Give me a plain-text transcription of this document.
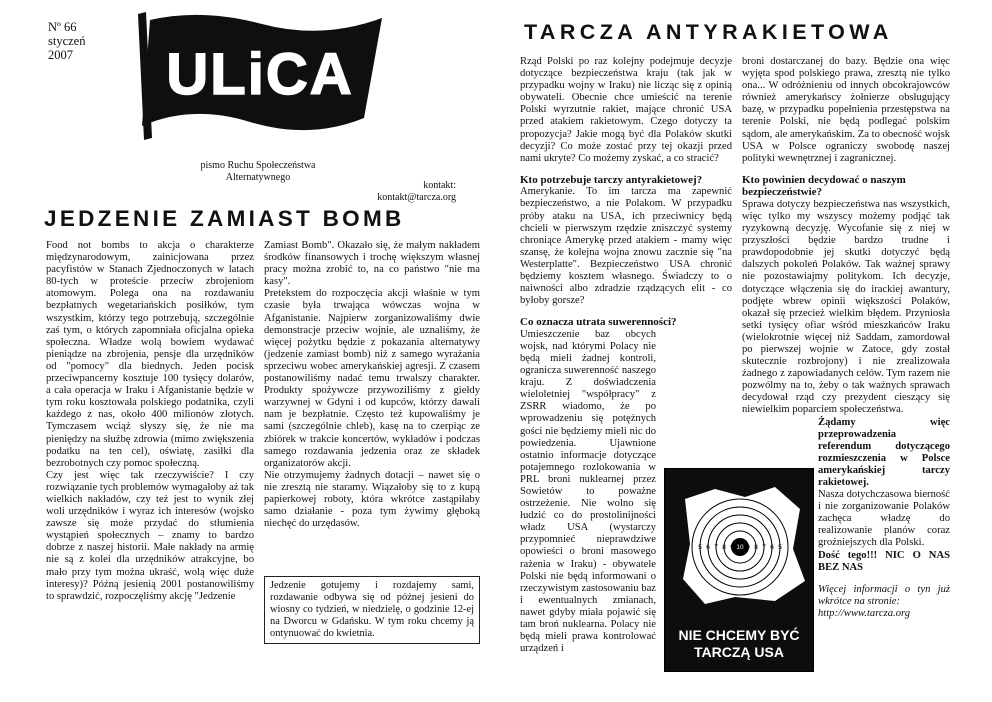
Nº 66
styczeń
2007 ULiCA
pismo Ruchu Społeczeństwa
Alternatywnego
kontakt:
kontakt@tarcza.org
JEDZENIE ZAMIAST BOMB

Food not bombs to akcja o charakterze międzynarodowym, zainicjowana przez pacyfistów w Stanach Zjednoczonych w latach 80-tych w proteście przeciw zbrojeniom atomowym. Polega ona na rozdawaniu bezpłatnych wegetariańskich posiłków, tym wszystkim, którzy tego potrzebują, szczególnie zaś tym, o których zapomniała oficjalna opieka społeczna. Władze wolą bowiem wydawać pieniądze na zbrojenia, pensje dla urzędników od "pomocy" dla biednych. Jeden pocisk przeciwpancerny kosztuje 100 tysięcy dolarów, a cała operacja w Iraku i Afganistanie będzie w tym roku kosztowała polskiego podatnika, czyli każdego z nas, około 400 milionów złotych. Tymczasem wciąż słyszy się, że nie ma pieniędzy na służbę zdrowia (mimo zwiększenia podatku na ten cel), oświatę, zasiłki dla bezrobotnych czy pomoc społeczną.

Czy jest więc tak rzeczywiście? I czy rozwiązanie tych problemów wymagałoby aż tak wielkich nakładów, czy też jest to wynik złej woli urzędników i wyraz ich interesów (wojsko zawsze się może przydać do stłumienia wystąpień społecznych – znamy to bardzo dobrze z naszej historii. Małe nakłady na armię nie są z kolei dla urzędników atrakcyjne, bo mało przy tym można ukraść, wolą więc duże interesy)? Późną jesienią 2001 postanowiliśmy to sprawdzić, rozpoczęliśmy akcję "Jedzenie

Zamiast Bomb". Okazało się, że małym nakładem środków finansowych i trochę większym własnej pracy można zrobić to, na co państwo "nie ma kasy".

Pretekstem do rozpoczęcia akcji właśnie w tym czasie była trwająca wówczas wojna w Afganistanie. Najpierw zorganizowaliśmy dwie demonstracje przeciw wojnie, ale uznaliśmy, że więcej pożytku będzie z pokazania alternatywy (jedzenie zamiast bomb) niż z samego wyrażania sprzeciwu wobec amerykańskiej agresji. Z czasem postanowiliśmy nadać temu trwalszy charakter. Produkty spożywcze przywoziliśmy z giełdy warzywnej w Gdyni i od kupców, którzy dawali nam je bezpłatnie. Często też kupowaliśmy je sami (szczególnie chleb), kasę na to czerpiąc ze zbiórek w trakcie koncertów, wykładów i podczas samego rozdawania jedzenia oraz ze składek organizatorów akcji.

Nie otrzymujemy żadnych dotacji – nawet się o nie zresztą nie staramy. Wiązałoby się to z kupą papierkowej roboty, która wkrótce zastąpiłaby samo działanie - poza tym żywimy głęboką niechęć do urzędasów.

Jedzenie gotujemy i rozdajemy sami, rozdawanie odbywa się od późnej jesieni do wiosny co tydzień, w niedzielę, o godzinie 12-ej na Dworcu w Gdańsku. W tym roku chcemy ją ontynuować do kwietnia.
TARCZA ANTYRAKIETOWA

Rząd Polski po raz kolejny podejmuje decyzje dotyczące bezpieczeństwa kraju (tak jak w przypadku wojny w Iraku) nie licząc się z opinią obywateli. Obecnie chce umieścić na terenie Polski wyrzutnie rakiet, mające chronić USA przed atakiem rakietowym. Czego dotyczy ta propozycja? Jakie mogą być dla Polaków skutki decyzji? Co może zostać przy tej okazji przed nami ukryte? Co możemy zyskać, a co stracić?

Kto potrzebuje tarczy antyrakietowej?

Amerykanie. To im tarcza ma zapewnić bezpieczeństwo, a nie Polakom. W przypadku próby ataku na USA, ich przeciwnicy będą chcieli w pierwszym rzędzie zniszczyć systemy chroniące Amerykę przed atakiem - mamy więc szansę, że kolejna wojna znowu zacznie się "na Westerplatte". Bezpieczeństwo USA chronić będziemy kosztem własnego. Świadczy to o naiwności albo zdradzie rządzących elit - co byłoby gorsze?

Co oznacza utrata suwerenności?

Umieszczenie baz obcych wojsk, nad którymi Polacy nie będą mieli żadnej kontroli, ogranicza suwerenność naszego kraju. Z doświadczenia wieloletniej "współpracy" z ZSRR wiadomo, że po wprowadzeniu się potężnych gości nie będziemy mieli nic do powiedzenia. Ujawnione ostatnio informacje dotyczące potajemnego rozlokowania w PRL broni nuklearnej przez Sowietów to poważne ostrzeżenie. Nie wolno się łudzić co do prostolinijności władz USA (wystarczy przypomnieć nieprawdziwe opowieści o broni masowego rażenia w Iraku) - obywatele Polski nie będą informowani o rzeczywistym zastosowaniu baz i ewentualnych zmianach, nawet gdyby miała pojawić się tam broń nuklearna. Polacy nie będą mieli prawa kontrolować urządzeń i

broni dostarczanej do bazy. Będzie ona więc wyjęta spod polskiego prawa, zresztą nie tylko ona... W odróżnieniu od innych obcokrajowców również amerykańscy żołnierze obsługujący bazę, w przypadku popełnienia przestępstwa na terenie Polski, nie będą podlegać polskim sądom, ale amerykańskim. Za to obecność wojsk USA w Polsce ograniczy swobodę naszej polityki wewnętrznej i zagranicznej.

Kto powinien decydować o naszym bezpieczeństwie?

Sprawa dotyczy bezpieczeństwa nas wszystkich, więc tylko my wszyscy możemy podjąć tak ryzykowną decyzję. Wycofanie się z niej w przyszłości będzie bardzo trudne i prawdopodobnie jej skutki dotyczyć będą dalszych pokoleń Polaków. Tak ważnej sprawy nie pozostawiajmy politykom. Ich decyzje, dotyczące włączenia się do irackiej awantury, podjęte wbrew opinii większości Polaków, okazał się przecież wielkim błędem. Przyniosła setki tysięcy ofiar wśród mieszkańców Iraku (wielokrotnie więcej niż Saddam, zamordował po pierwszej wojnie w Zatoce, gdy został skutecznie rozbrojony) i nie zrealizowała żadnego z zapowiadanych celów. Tym razem nie pozwólmy na to, żeby o tak ważnych sprawach decydował rząd czy prezydent cieszący się niewielkim poparciem społeczeństwa.

Żądamy więc przeprowadzenia referendum dotyczącego rozmieszczenia w Polsce amerykańskiej tarczy rakietowej.

Nasza dotychczasowa bierność i nie zorganizowanie Polaków zachęca władzę do realizowanie planów coraz groźniejszych dla Polski.

Dość tego!!! NIC O NAS BEZ NAS

Więcej informacji o tyn już wkrótce na stronie:

http://www.tarcza.org

5 6 7 8 9 10 9 8 7 6 5
NIE CHCEMY BYĆ
TARCZĄ USA
